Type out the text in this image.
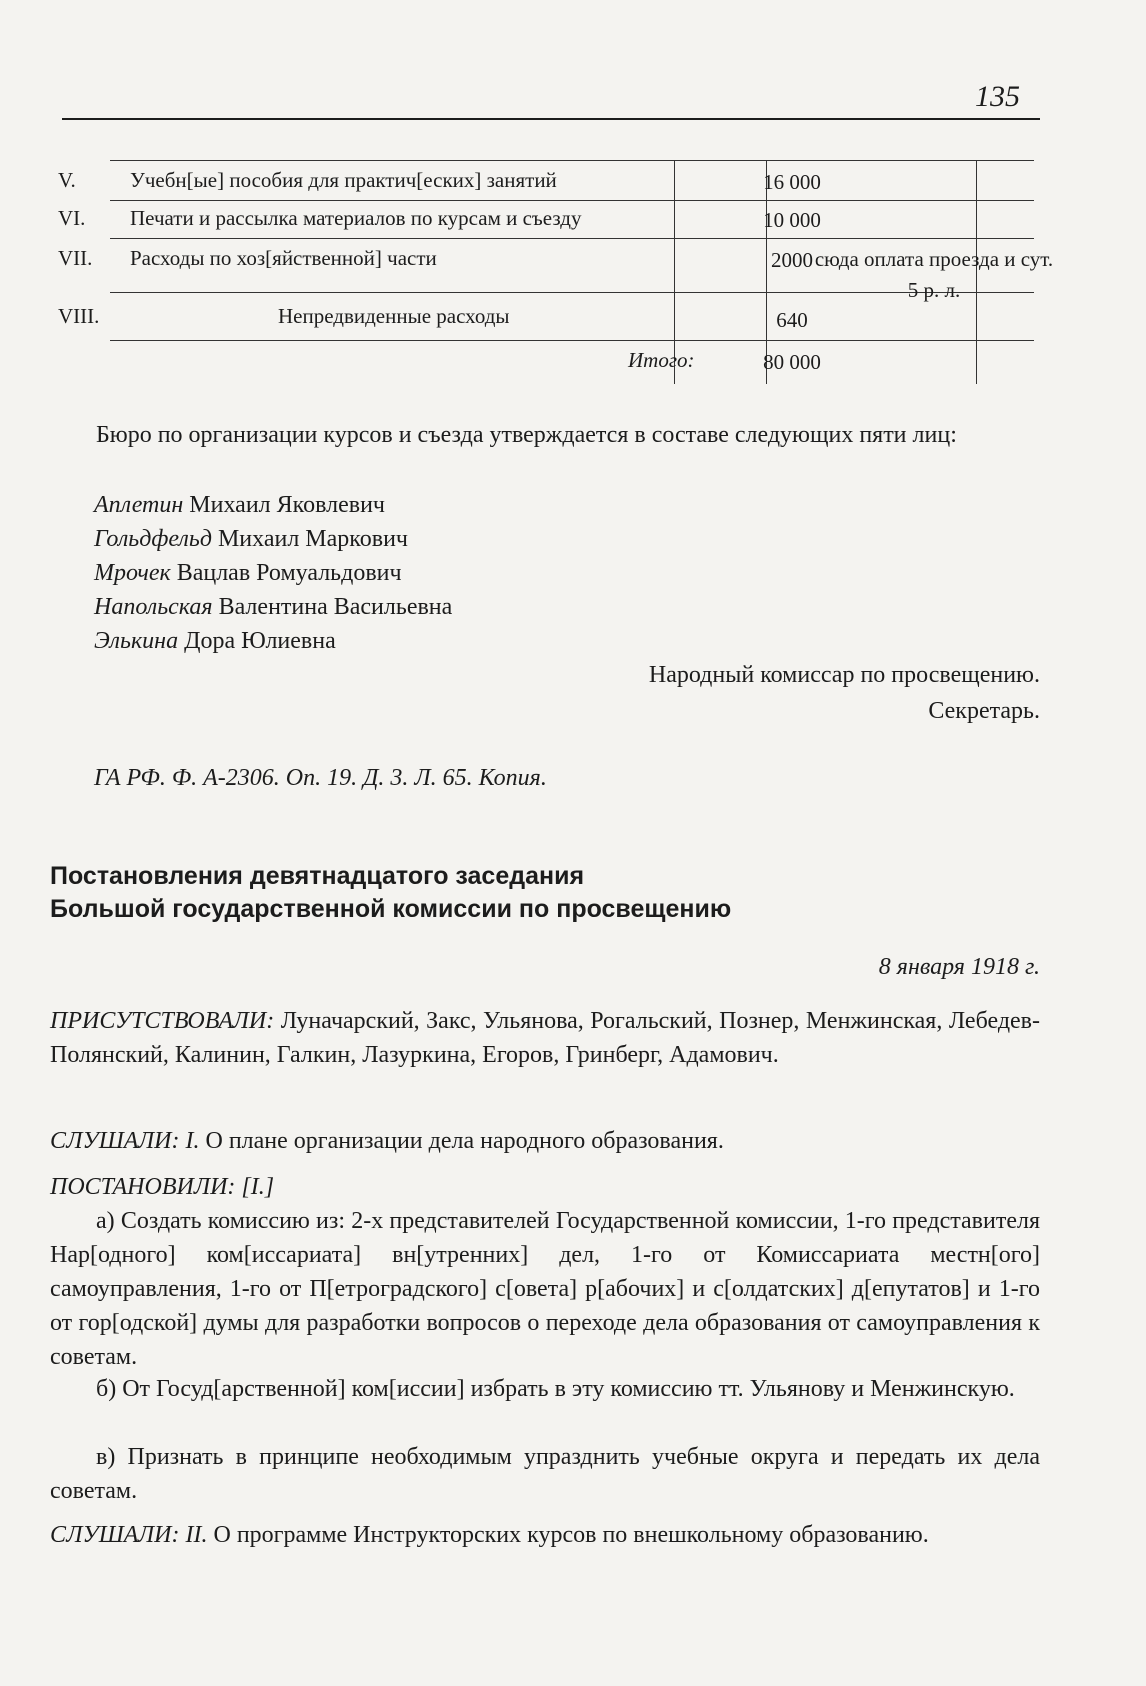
135
V.	Учебн[ые] пособия для практич[еских] занятий	16 000
VI. Печати и рассылка материалов по курсам и съезду	10 000
VII. Расходы по хоз[яйственной] части	2000 сюда оплата проезда и сут. 5 р. л.
VIII.	Непредвиденные расходы	640
Итого:	80 000
Бюро по организации курсов и съезда утверждается в составе следующих пяти лиц:
Аплетин Михаил Яковлевич
Гольдфельд Михаил Маркович
Мрочек Вацлав Ромуальдович
Напольская Валентина Васильевна
Элькина Дора Юлиевна
Народный комиссар по просвещению.
Секретарь.
ГА РФ. Ф. А-2306. Оп. 19. Д. 3. Л. 65. Копия.
Постановления девятнадцатого заседания
Большой государственной комиссии по просвещению
8 января 1918 г.
ПРИСУТСТВОВАЛИ: Луначарский, Закс, Ульянова, Рогальский, Познер, Менжинская, Лебедев-Полянский, Калинин, Галкин, Лазуркина, Егоров, Гринберг, Адамович.
СЛУШАЛИ: I. О плане организации дела народного образования.
ПОСТАНОВИЛИ: [I.]
а) Создать комиссию из: 2-х представителей Государственной комиссии, 1-го представителя Нар[одного] ком[иссариата] вн[утренних] дел, 1-го от Комиссариата местн[ого] самоуправления, 1-го от П[етроградского] с[овета] р[абочих] и с[олдатских] д[епутатов] и 1-го от гор[одской] думы для разработки вопросов о переходе дела образования от самоуправления к советам.
б) От Госуд[арственной] ком[иссии] избрать в эту комиссию тт. Ульянову и Менжинскую.
в) Признать в принципе необходимым упразднить учебные округа и передать их дела советам.
СЛУШАЛИ: II. О программе Инструкторских курсов по внешкольному образованию.
